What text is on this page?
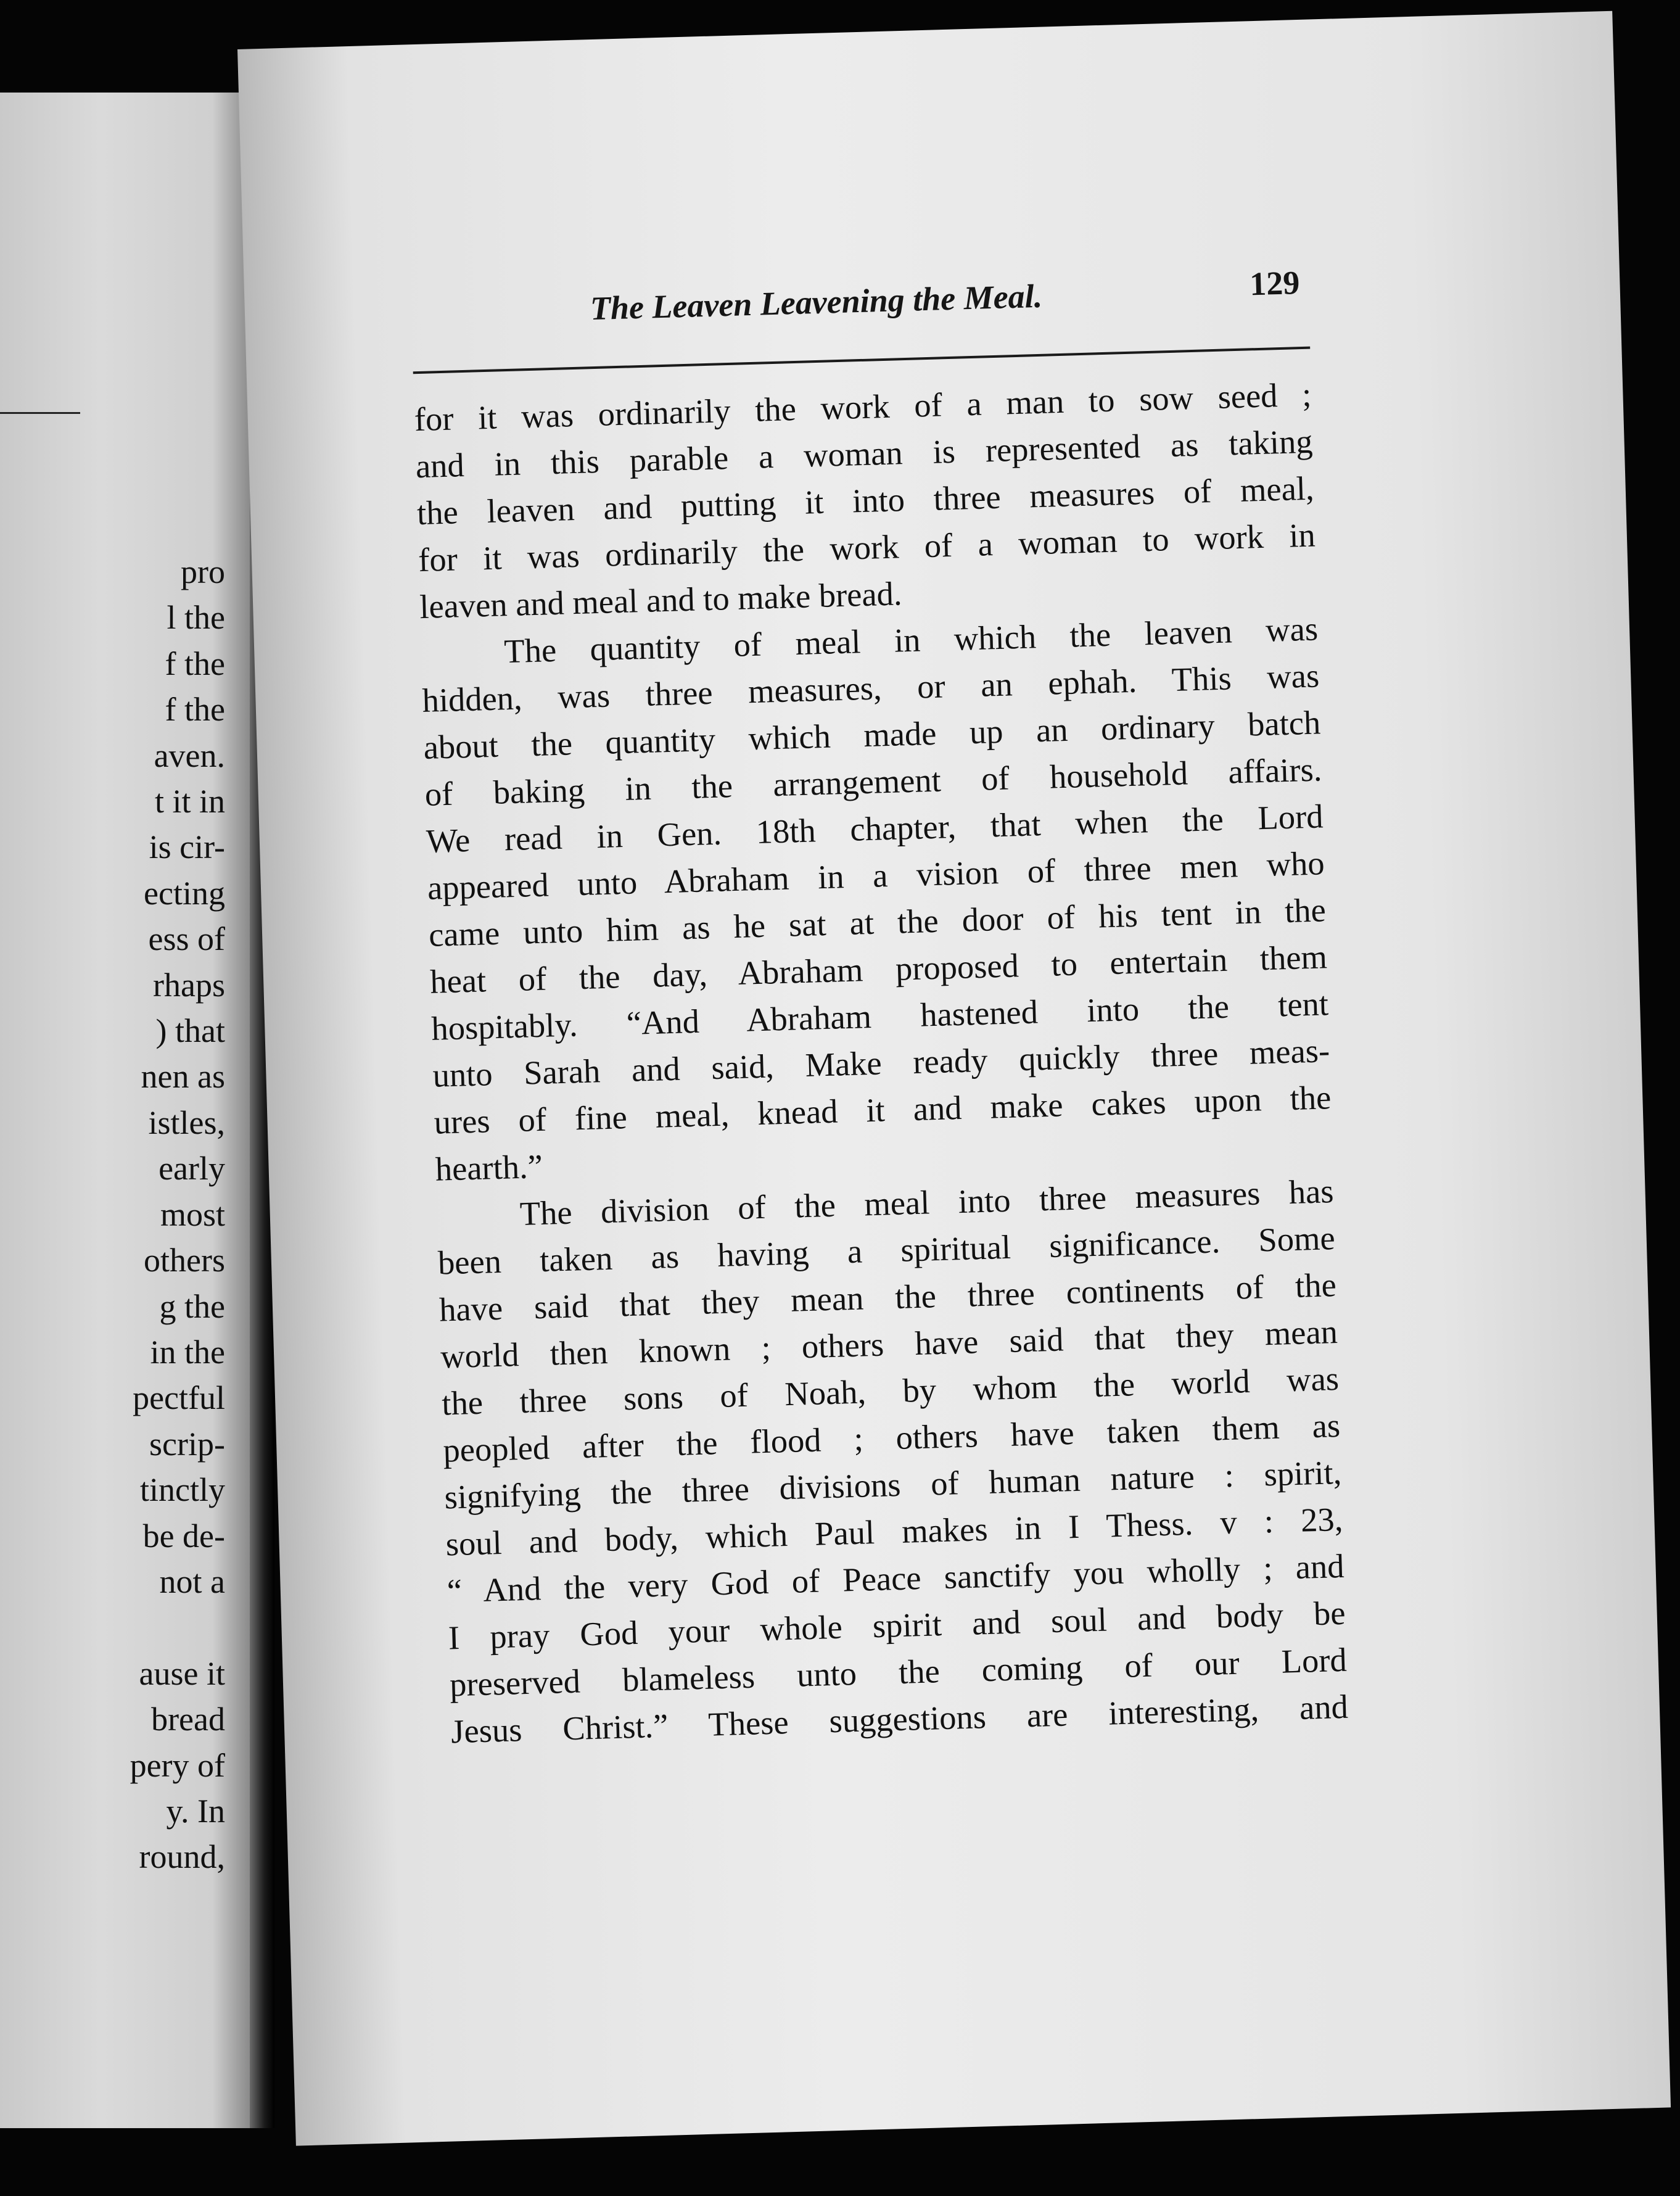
pro
l the
f the
f the
aven.
t it in
is cir-
ecting
ess of
rhaps
) that
nen as
istles,
early
most
others
g the
in the
pectful
scrip-
tinctly
be de-
not a
ause it
bread
pery of
y. In
round,
The Leaven Leavening the Meal.	129
for it was ordinarily the work of a man to sow seed ;
and in this parable a woman is represented as taking
the leaven and putting it into three measures of meal,
for it was ordinarily the work of a woman to work in
leaven and meal and to make bread.
The quantity of meal in which the leaven was
hidden, was three measures, or an ephah. This was
about the quantity which made up an ordinary batch
of baking in the arrangement of household affairs.
We read in Gen. 18th chapter, that when the Lord
appeared unto Abraham in a vision of three men who
came unto him as he sat at the door of his tent in the
heat of the day, Abraham proposed to entertain them
hospitably. “And Abraham hastened into the tent
unto Sarah and said, Make ready quickly three meas-
ures of fine meal, knead it and make cakes upon the
hearth.”
The division of the meal into three measures has
been taken as having a spiritual significance. Some
have said that they mean the three continents of the
world then known ; others have said that they mean
the three sons of Noah, by whom the world was
peopled after the flood ; others have taken them as
signifying the three divisions of human nature : spirit,
soul and body, which Paul makes in I Thess. v : 23,
“ And the very God of Peace sanctify you wholly ; and
I pray God your whole spirit and soul and body be
preserved blameless unto the coming of our Lord
Jesus Christ.” These suggestions are interesting, and
